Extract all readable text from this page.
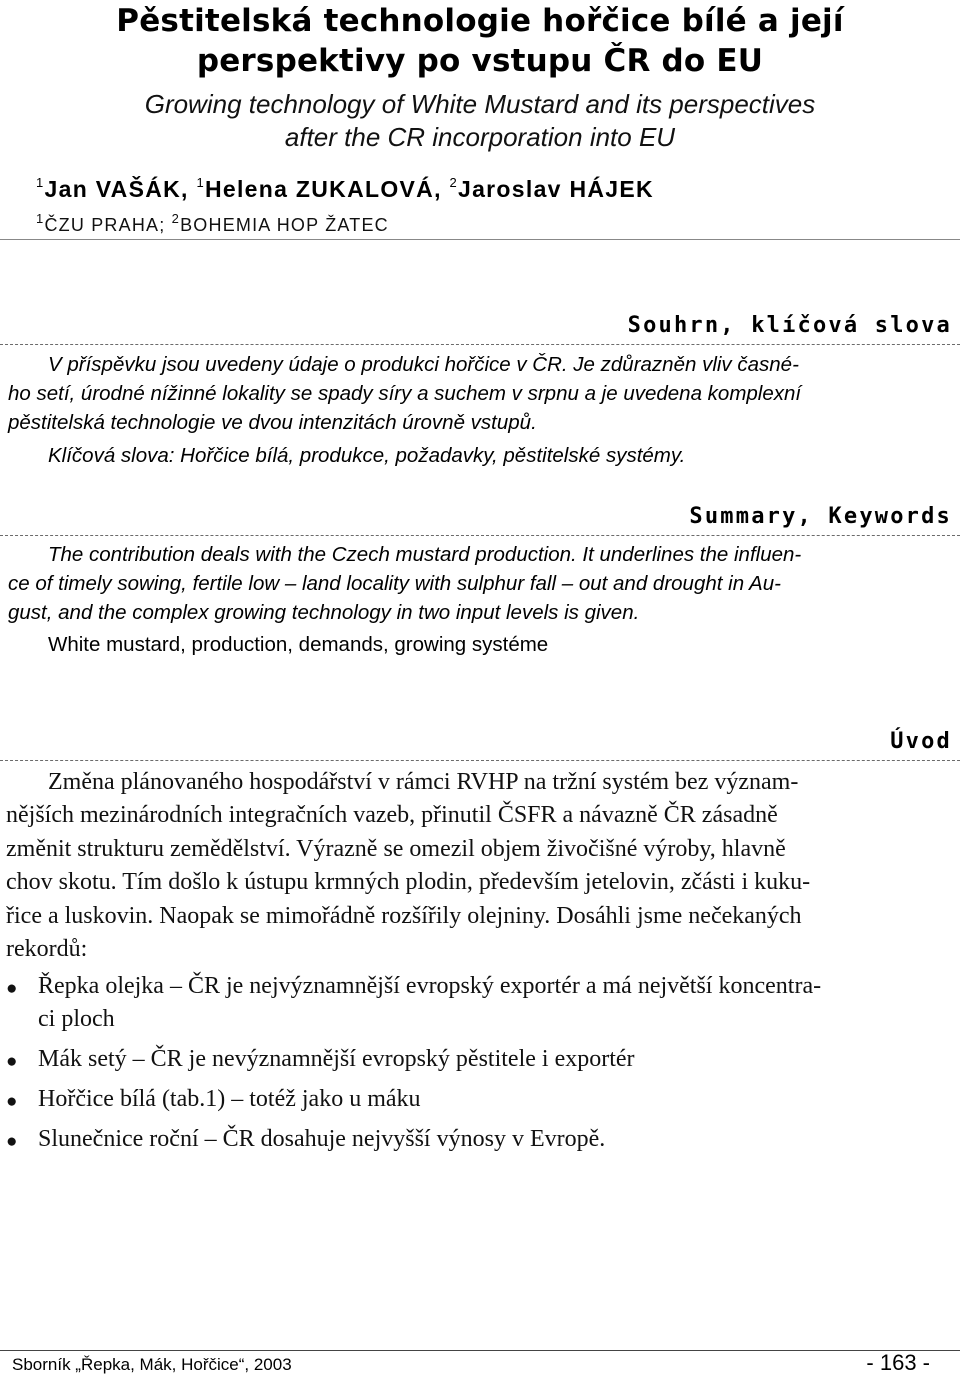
Pěstitelská technologie hořčice bílé a její
perspektivy po vstupu ČR do EU
Growing technology of White Mustard and its perspectives
after the CR incorporation into EU
$^1$Jan VAŠÁK, $^1$Helena ZUKALOVÁ, $^2$Jaroslav HÁJEK
$^1$ČZU PRAHA; $^2$BOHEMIA HOP ŽATEC
Souhrn, klíčová slova
V příspěvku jsou uvedeny údaje o produkci hořčice v ČR. Je zdůrazněn vliv časné-
ho setí, úrodné nížinné lokality se spady síry a suchem v srpnu a je uvedena komplexní
pěstitelská technologie ve dvou intenzitách úrovně vstupů.
Klíčová slova: Hořčice bílá, produkce, požadavky, pěstitelské systémy.
Summary, Keywords
The contribution deals with the Czech mustard production. It underlines the influen-
ce of timely sowing, fertile low – land locality with sulphur fall – out and drought in Au-
gust, and the complex growing technology in two input levels is given.
White mustard, production, demands, growing systéme
Úvod
Změna plánovaného hospodářství v rámci RVHP na tržní systém bez význam-
nějších mezinárodních integračních vazeb, přinutil ČSFR a návazně ČR zásadně
změnit strukturu zemědělství. Výrazně se omezil objem živočišné výroby, hlavně
chov skotu. Tím došlo k ústupu krmných plodin, především jetelovin, zčásti i kuku-
řice a luskovin. Naopak se mimořádně rozšířily olejniny. Dosáhli jsme nečekaných
rekordů:
● Řepka olejka – ČR je nejvýznamnější evropský exportér a má největší koncentra-
ci ploch
● Mák setý – ČR je nevýznamnější evropský pěstitele i exportér
● Hořčice bílá (tab.1) – totéž jako u máku
● Slunečnice roční – ČR dosahuje nejvyšší výnosy v Evropě.
Sborník „Řepka, Mák, Hořčice“, 2003	- 163 -
